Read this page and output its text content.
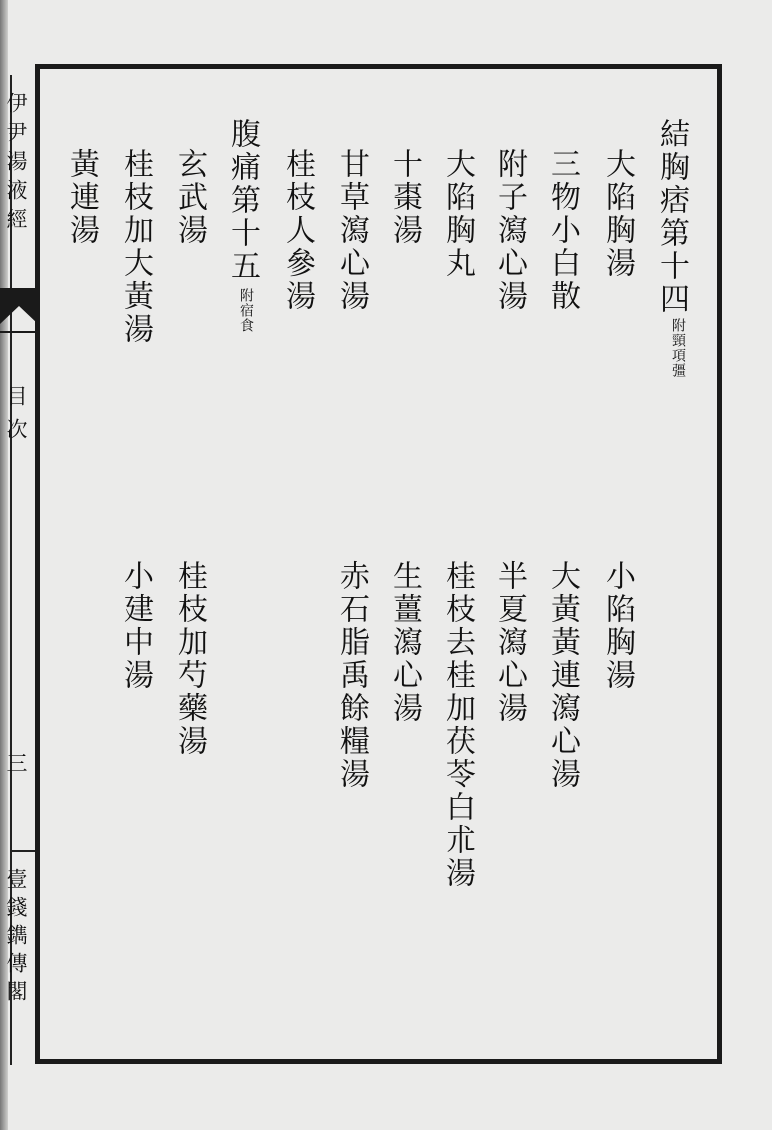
伊尹湯液經
目次
三
壹錢鐫傳閣
結胸痞第十四
附頸項彊
大陷胸湯
三物小白散
附子瀉心湯
大陷胸丸
十棗湯
甘草瀉心湯
桂枝人參湯
腹痛第十五
附宿食
玄武湯
桂枝加大黃湯
黃連湯
小陷胸湯
大黃黃連瀉心湯
半夏瀉心湯
桂枝去桂加茯苓白朮湯
生薑瀉心湯
赤石脂禹餘糧湯
桂枝加芍藥湯
小建中湯
